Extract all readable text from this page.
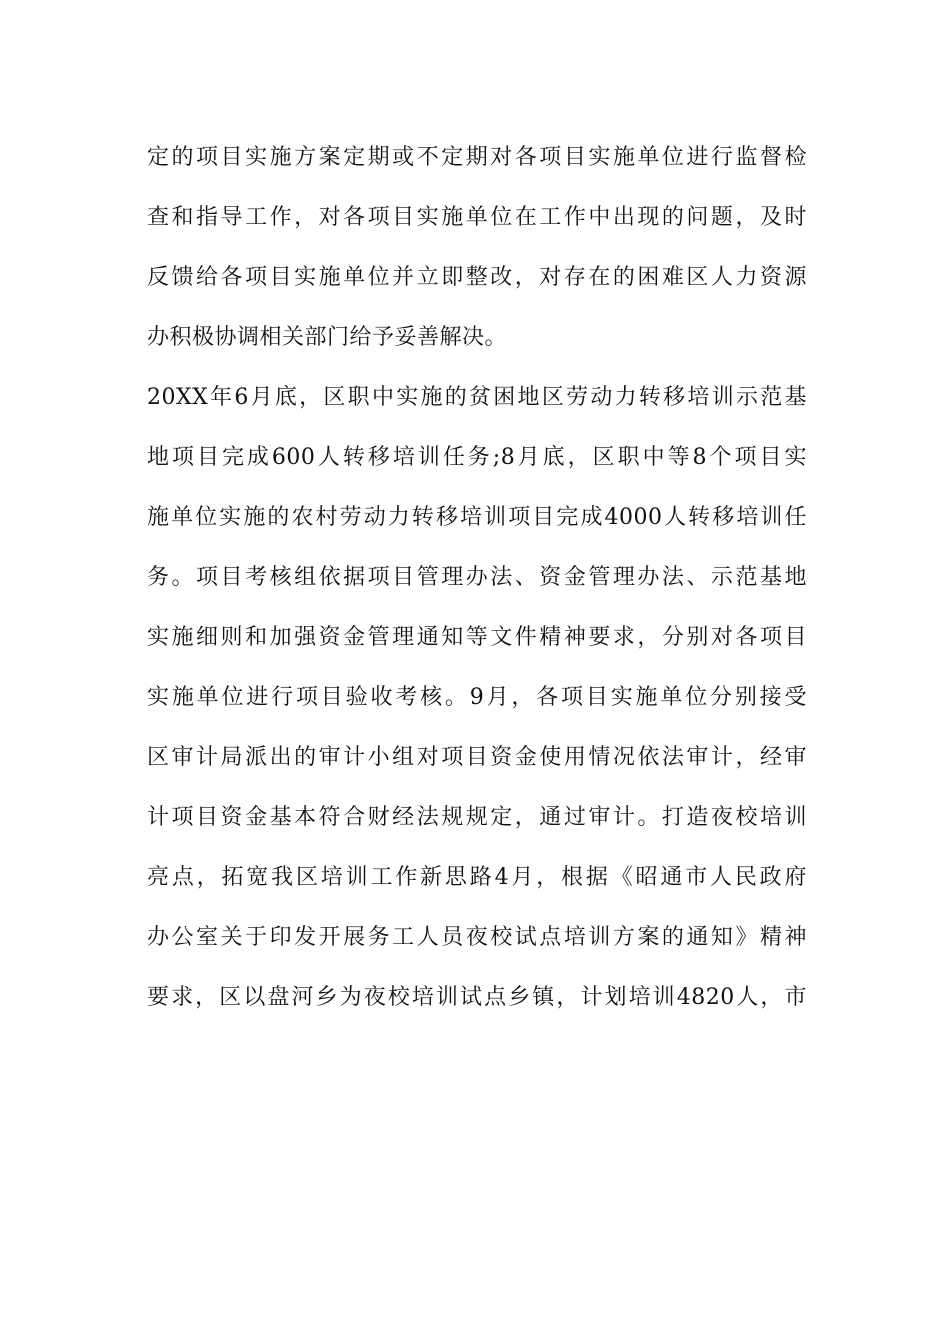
定的项目实施方案定期或不定期对各项目实施单位进行监督检
查和指导工作，对各项目实施单位在工作中出现的问题，及时
反馈给各项目实施单位并立即整改，对存在的困难区人力资源
办积极协调相关部门给予妥善解决。
20XX年6月底，区职中实施的贫困地区劳动力转移培训示范基
地项目完成600人转移培训任务;8月底，区职中等8个项目实
施单位实施的农村劳动力转移培训项目完成4000人转移培训任
务。项目考核组依据项目管理办法、资金管理办法、示范基地
实施细则和加强资金管理通知等文件精神要求，分别对各项目
实施单位进行项目验收考核。9月，各项目实施单位分别接受
区审计局派出的审计小组对项目资金使用情况依法审计，经审
计项目资金基本符合财经法规规定，通过审计。打造夜校培训
亮点，拓宽我区培训工作新思路4月，根据《昭通市人民政府
办公室关于印发开展务工人员夜校试点培训方案的通知》精神
要求，区以盘河乡为夜校培训试点乡镇，计划培训4820人，市
